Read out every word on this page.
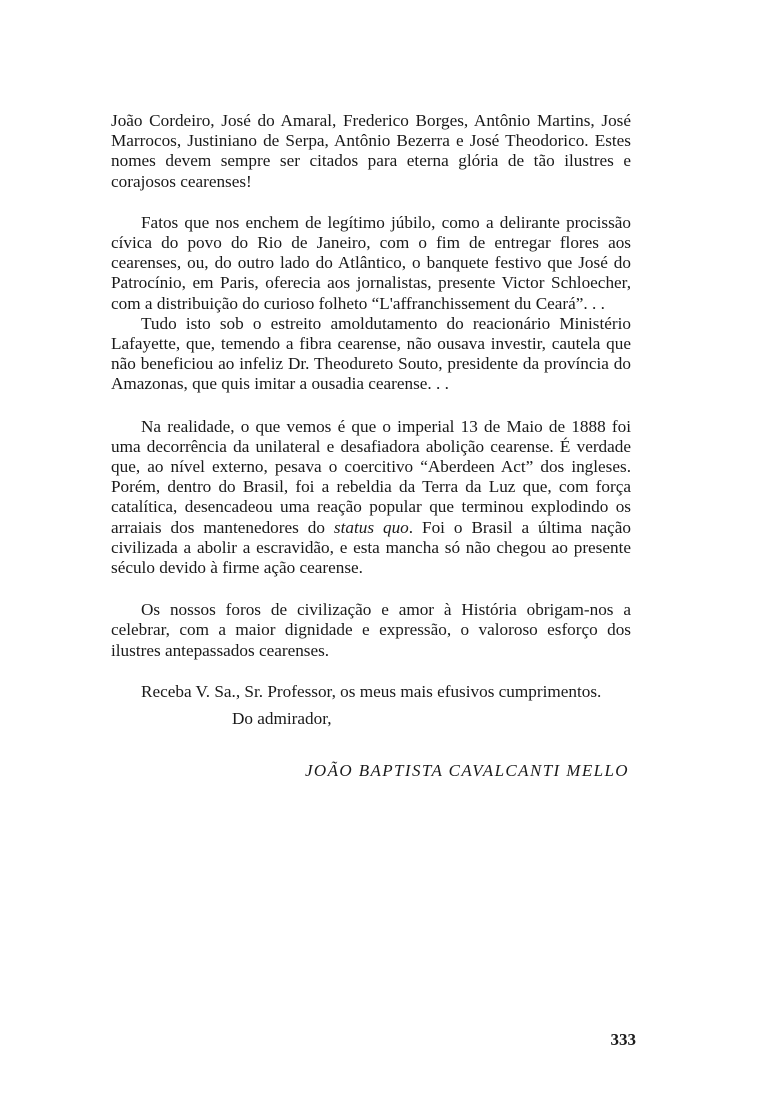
João Cordeiro, José do Amaral, Frederico Borges, Antônio Martins, José Marrocos, Justiniano de Serpa, Antônio Bezerra e José Theodorico. Estes nomes devem sempre ser citados para eterna glória de tão ilustres e corajosos cearenses!

Fatos que nos enchem de legítimo júbilo, como a delirante procissão cívica do povo do Rio de Janeiro, com o fim de entregar flores aos cearenses, ou, do outro lado do Atlântico, o banquete festivo que José do Patrocínio, em Paris, oferecia aos jornalistas, presente Victor Schloecher, com a distribuição do curioso folheto “L'affranchissement du Ceará”. . .

Tudo isto sob o estreito amoldutamento do reacionário Ministério Lafayette, que, temendo a fibra cearense, não ousava investir, cautela que não beneficiou ao infeliz Dr. Theodureto Souto, presidente da província do Amazonas, que quis imitar a ousadia cearense. . .

Na realidade, o que vemos é que o imperial 13 de Maio de 1888 foi uma decorrência da unilateral e desafiadora abolição cearense. É verdade que, ao nível externo, pesava o coercitivo “Aberdeen Act” dos ingleses. Porém, dentro do Brasil, foi a rebeldia da Terra da Luz que, com força catalítica, desencadeou uma reação popular que terminou explodindo os arraiais dos mantenedores do status quo. Foi o Brasil a última nação civilizada a abolir a escravidão, e esta mancha só não chegou ao presente século devido à firme ação cearense.

Os nossos foros de civilização e amor à História obrigam-nos a celebrar, com a maior dignidade e expressão, o valoroso esforço dos ilustres antepassados cearenses.

Receba V. Sa., Sr. Professor, os meus mais efusivos cumprimentos.

Do admirador,

JOÃO BAPTISTA CAVALCANTI MELLO

333
